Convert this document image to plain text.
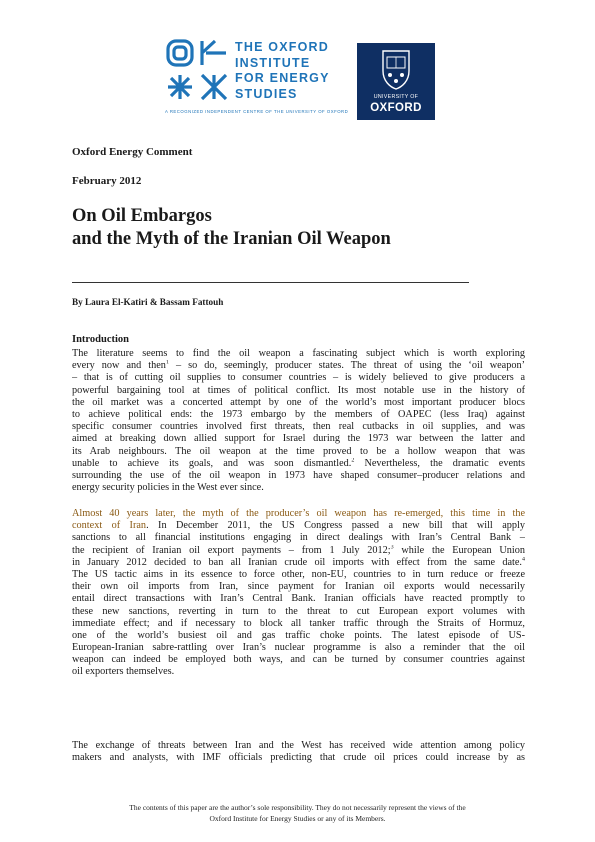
THE OXFORD
INSTITUTE
FOR ENERGY
STUDIES
A RECOGNIZED INDEPENDENT CENTRE OF THE UNIVERSITY OF OXFORD
UNIVERSITY OF
OXFORD
Oxford Energy Comment
February 2012
On Oil Embargos
and the Myth of the Iranian Oil Weapon
By Laura El-Katiri & Bassam Fattouh
Introduction
The literature seems to find the oil weapon a fascinating subject which is worth exploring
every now and then$^1$ – so do, seemingly, producer states. The threat of using the ‘oil weapon’
– that is of cutting oil supplies to consumer countries – is widely believed to give producers a
powerful bargaining tool at times of political conflict. Its most notable use in the history of
the oil market was a concerted attempt by one of the world’s most important producer blocs
to achieve political ends: the 1973 embargo by the members of OAPEC (less Iraq) against
specific consumer countries involved first threats, then real cutbacks in oil supplies, and was
aimed at breaking down allied support for Israel during the 1973 war between the latter and
its Arab neighbours. The oil weapon at the time proved to be a hollow weapon that was
unable to achieve its goals, and was soon dismantled.$^2$ Nevertheless, the dramatic events
surrounding the use of the oil weapon in 1973 have shaped consumer–producer relations and
energy security policies in the West ever since.
Almost 40 years later, the myth of the producer’s oil weapon has re-emerged, this time in the
context of Iran. In December 2011, the US Congress passed a new bill that will apply
sanctions to all financial institutions engaging in direct dealings with Iran’s Central Bank –
the recipient of Iranian oil export payments – from 1 July 2012;$^3$ while the European Union
in January 2012 decided to ban all Iranian crude oil imports with effect from the same date.$^4$
The US tactic aims in its essence to force other, non-EU, countries to in turn reduce or freeze
their own oil imports from Iran, since payment for Iranian oil exports would necessarily
entail direct transactions with Iran’s Central Bank. Iranian officials have reacted promptly to
these new sanctions, reverting in turn to the threat to cut European export volumes with
immediate effect; and if necessary to block all tanker traffic through the Straits of Hormuz,
one of the world’s busiest oil and gas traffic choke points. The latest episode of US-
European-Iranian sabre-rattling over Iran’s nuclear programme is also a reminder that the oil
weapon can indeed be employed both ways, and can be turned by consumer countries against
oil exporters themselves.
The exchange of threats between Iran and the West has received wide attention among policy
makers and analysts, with IMF officials predicting that crude oil prices could increase by as
The contents of this paper are the author’s sole responsibility. They do not necessarily represent the views of the
Oxford Institute for Energy Studies or any of its Members.
